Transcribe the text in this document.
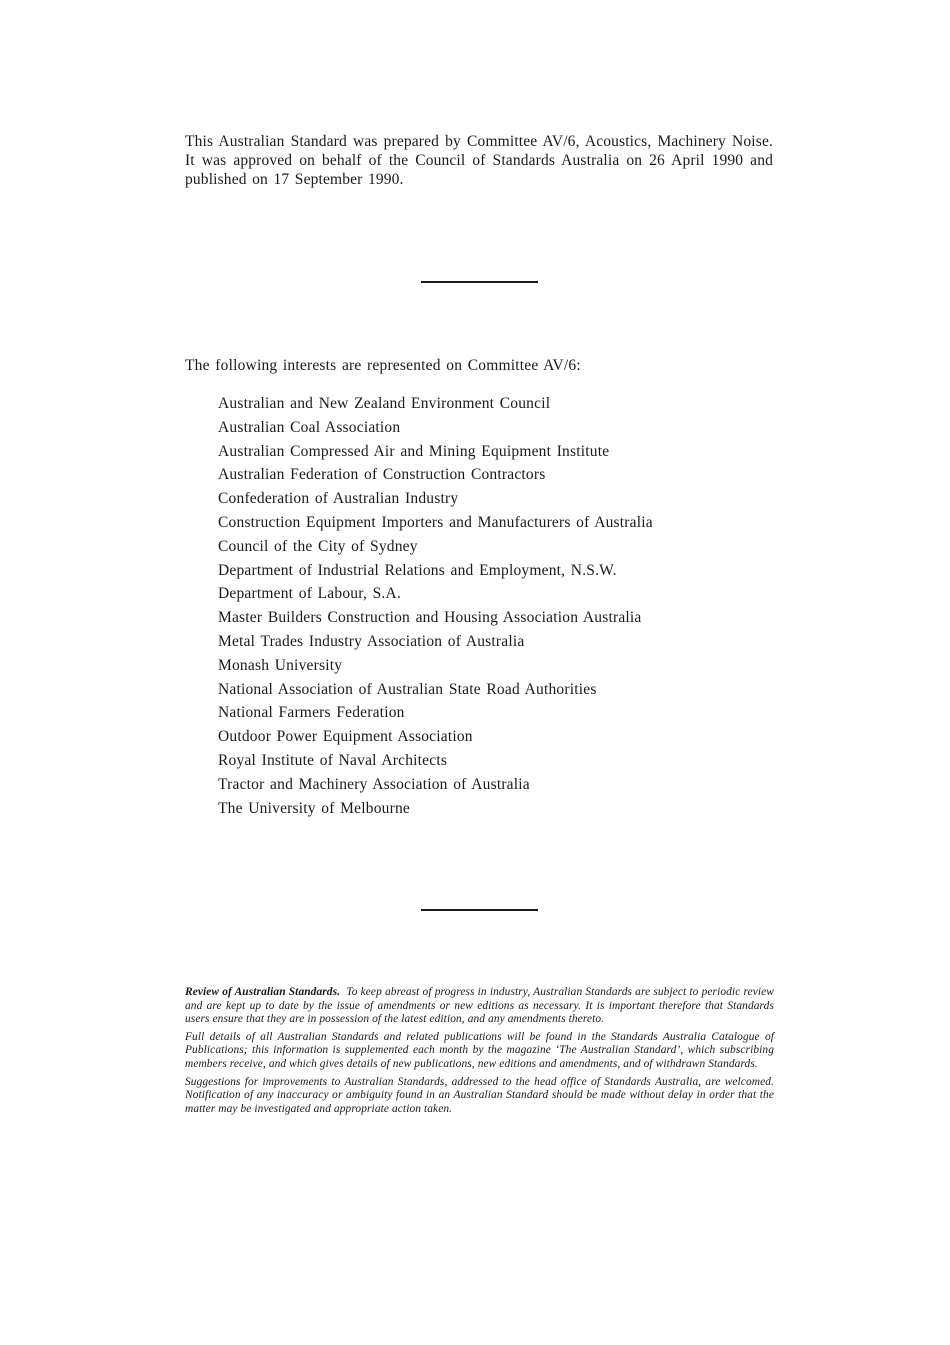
This Australian Standard was prepared by Committee AV/6, Acoustics, Machinery Noise. It was approved on behalf of the Council of Standards Australia on 26 April 1990 and published on 17 September 1990.

The following interests are represented on Committee AV/6:

Australian and New Zealand Environment Council
Australian Coal Association
Australian Compressed Air and Mining Equipment Institute
Australian Federation of Construction Contractors
Confederation of Australian Industry
Construction Equipment Importers and Manufacturers of Australia
Council of the City of Sydney
Department of Industrial Relations and Employment, N.S.W.
Department of Labour, S.A.
Master Builders Construction and Housing Association Australia
Metal Trades Industry Association of Australia
Monash University
National Association of Australian State Road Authorities
National Farmers Federation
Outdoor Power Equipment Association
Royal Institute of Naval Architects
Tractor and Machinery Association of Australia
The University of Melbourne

Review of Australian Standards. To keep abreast of progress in industry, Australian Standards are subject to periodic review and are kept up to date by the issue of amendments or new editions as necessary. It is important therefore that Standards users ensure that they are in possession of the latest edition, and any amendments thereto.

Full details of all Australian Standards and related publications will be found in the Standards Australia Catalogue of Publications; this information is supplemented each month by the magazine ‘The Australian Standard’, which subscribing members receive, and which gives details of new publications, new editions and amendments, and of withdrawn Standards.

Suggestions for improvements to Australian Standards, addressed to the head office of Standards Australia, are welcomed. Notification of any inaccuracy or ambiguity found in an Australian Standard should be made without delay in order that the matter may be investigated and appropriate action taken.
